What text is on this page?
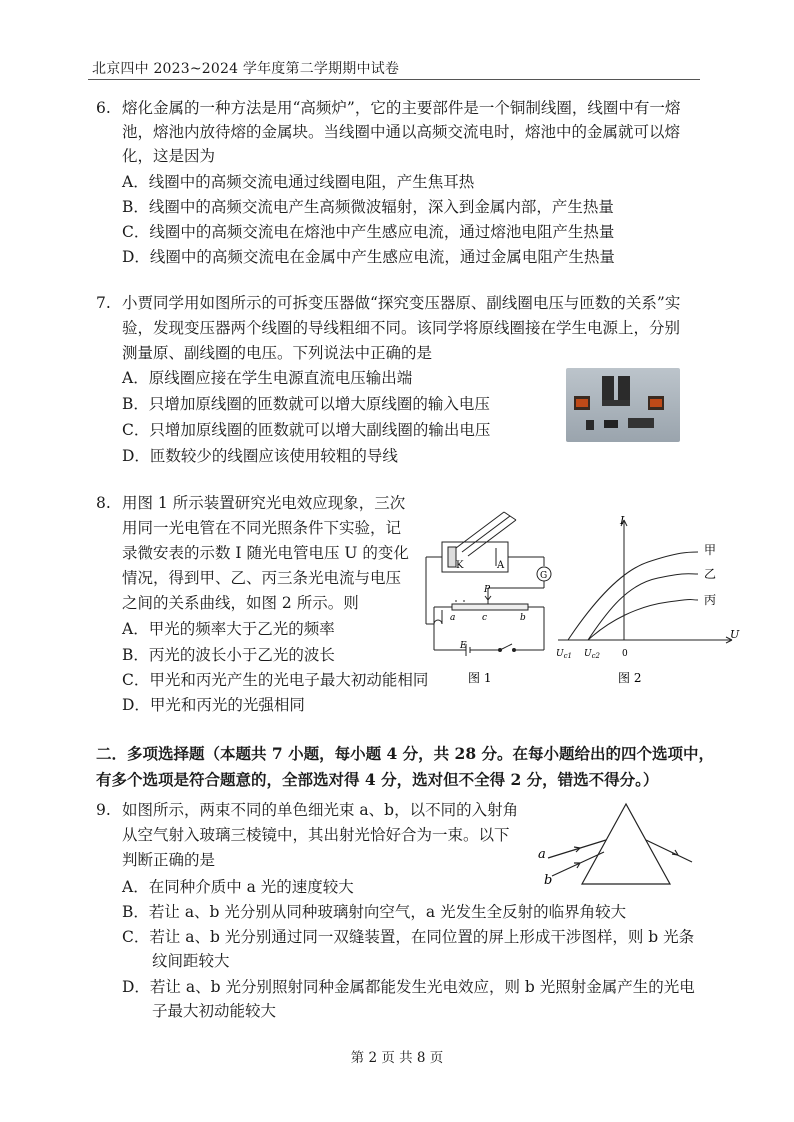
北京四中 2023~2024 学年度第二学期期中试卷
6. 熔化金属的一种方法是用“高频炉”，它的主要部件是一个铜制线圈，线圈中有一熔
池，熔池内放待熔的金属块。当线圈中通以高频交流电时，熔池中的金属就可以熔
化，这是因为
A．线圈中的高频交流电通过线圈电阻，产生焦耳热
B．线圈中的高频交流电产生高频微波辐射，深入到金属内部，产生热量
C．线圈中的高频交流电在熔池中产生感应电流，通过熔池电阻产生热量
D．线圈中的高频交流电在金属中产生感应电流，通过金属电阻产生热量
7. 小贾同学用如图所示的可拆变压器做“探究变压器原、副线圈电压与匝数的关系”实
验，发现变压器两个线圈的导线粗细不同。该同学将原线圈接在学生电源上，分别
测量原、副线圈的电压。下列说法中正确的是
A．原线圈应接在学生电源直流电压输出端
B．只增加原线圈的匝数就可以增大原线圈的输入电压
C．只增加原线圈的匝数就可以增大副线圈的输出电压
D．匝数较少的线圈应该使用较粗的导线
8. 用图 1 所示装置研究光电效应现象，三次
用同一光电管在不同光照条件下实验，记
录微安表的示数 I 随光电管电压 U 的变化
情况，得到甲、乙、丙三条光电流与电压
之间的关系曲线，如图 2 所示。则
A．甲光的频率大于乙光的频率
B．丙光的波长小于乙光的波长
C．甲光和丙光产生的光电子最大初动能相同
D．甲光和丙光的光强相同
K	A
G
P
a	c	b
E
图 1
I
U
甲
乙
丙
$U_{c1}$ $U_{c2}$ 0
图 2
二．多项选择题（本题共 7 小题，每小题 4 分，共 28 分。在每小题给出的四个选项中，
有多个选项是符合题意的，全部选对得 4 分，选对但不全得 2 分，错选不得分。）
9. 如图所示，两束不同的单色细光束 a、b，以不同的入射角
从空气射入玻璃三棱镜中，其出射光恰好合为一束。以下
判断正确的是
A．在同种介质中 a 光的速度较大
B．若让 a、b 光分别从同种玻璃射向空气，a 光发生全反射的临界角较大
C．若让 a、b 光分别通过同一双缝装置，在同位置的屏上形成干涉图样，则 b 光条
纹间距较大
D．若让 a、b 光分别照射同种金属都能发生光电效应，则 b 光照射金属产生的光电
子最大初动能较大
a
b
第 2 页 共 8 页
